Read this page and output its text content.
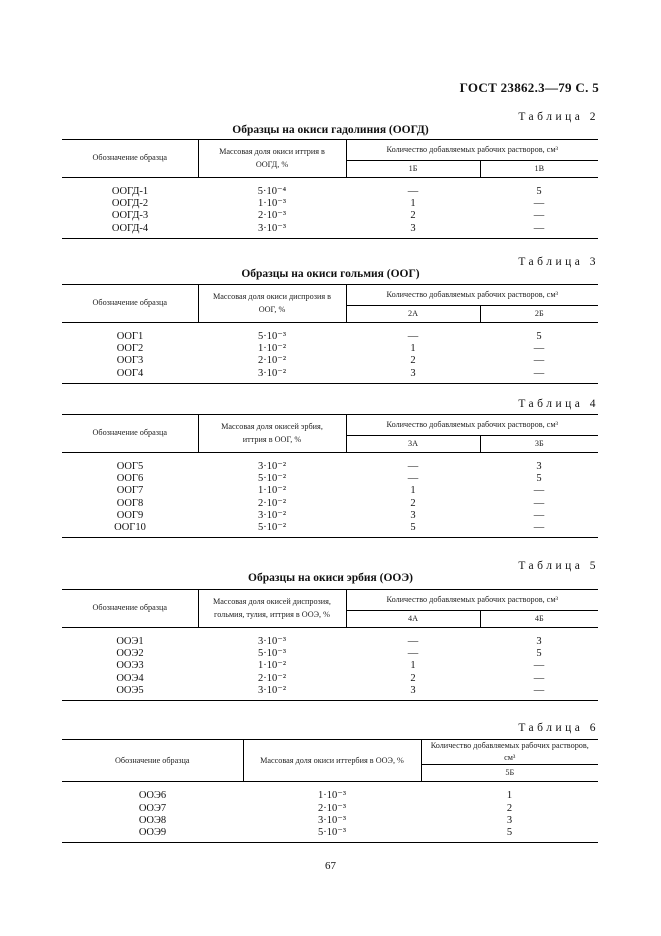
ГОСТ 23862.3—79 С. 5
Таблица 2
Образцы на окиси гадолиния (ООГД)
Обозначение образца	Массовая доля окиси иттрия в ООГД, %	Количество добавляемых рабочих растворов, см³	
		1Б	1В

ООГД-1	5·10⁻⁴	—	5
ООГД-2	1·10⁻³	1	—
ООГД-3	2·10⁻³	2	—
ООГД-4	3·10⁻³	3	—
Таблица 3
Образцы на окиси гольмия (ООГ)
Обозначение образца	Массовая доля окиси диспрозия в ООГ, %	Количество добавляемых рабочих растворов, см³	
		2А	2Б

ООГ1	5·10⁻³	—	5
ООГ2	1·10⁻²	1	—
ООГ3	2·10⁻²	2	—
ООГ4	3·10⁻²	3	—
Таблица 4
Обозначение образца	Массовая доля окисей эрбия, иттрия в ООГ, %	Количество добавляемых рабочих растворов, см³	
		3А	3Б

ООГ5	3·10⁻²	—	3
ООГ6	5·10⁻²	—	5
ООГ7	1·10⁻²	1	—
ООГ8	2·10⁻²	2	—
ООГ9	3·10⁻²	3	—
ООГ10	5·10⁻²	5	—
Таблица 5
Образцы на окиси эрбия (ООЭ)
Обозначение образца	Массовая доля окисей диспрозия, гольмия, тулия, иттрия в ООЭ, %	Количество добавляемых рабочих растворов, см³	
		4А	4Б

ООЭ1	3·10⁻³	—	3
ООЭ2	5·10⁻³	—	5
ООЭ3	1·10⁻²	1	—
ООЭ4	2·10⁻²	2	—
ООЭ5	3·10⁻²	3	—
Таблица 6
Обозначение образца	Массовая доля окиси иттербия в ООЭ, %	Количество добавляемых рабочих растворов, см³
		5Б

ООЭ6	1·10⁻³	1
ООЭ7	2·10⁻³	2
ООЭ8	3·10⁻³	3
ООЭ9	5·10⁻³	5
67
